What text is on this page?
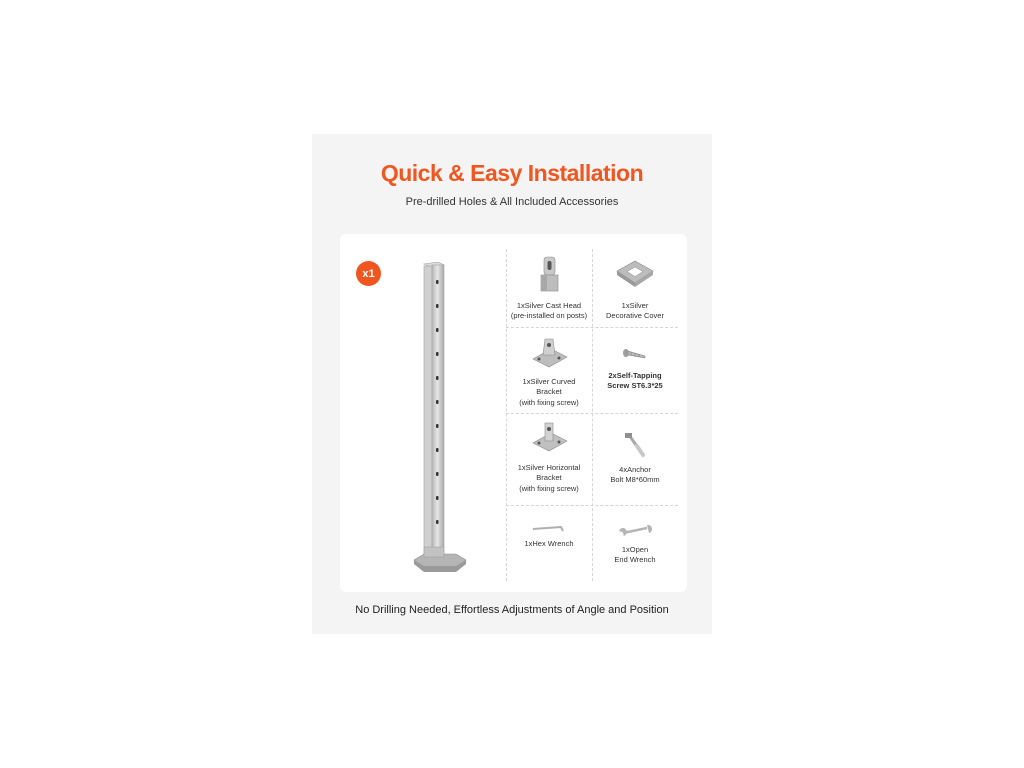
Quick & Easy Installation
Pre-drilled Holes & All Included Accessories
x1
1xSilver Cast Head
(pre-installed on posts)
1xSilver
Decorative Cover
1xSilver Curved
Bracket
(with fixing screw)
2xSelf-Tapping
Screw ST6.3*25
1xSilver Horizontal
Bracket
(with fixing screw)
4xAnchor
Bolt M8*60mm
1xHex Wrench
1xOpen
End Wrench
No Drilling Needed, Effortless Adjustments of Angle and Position
